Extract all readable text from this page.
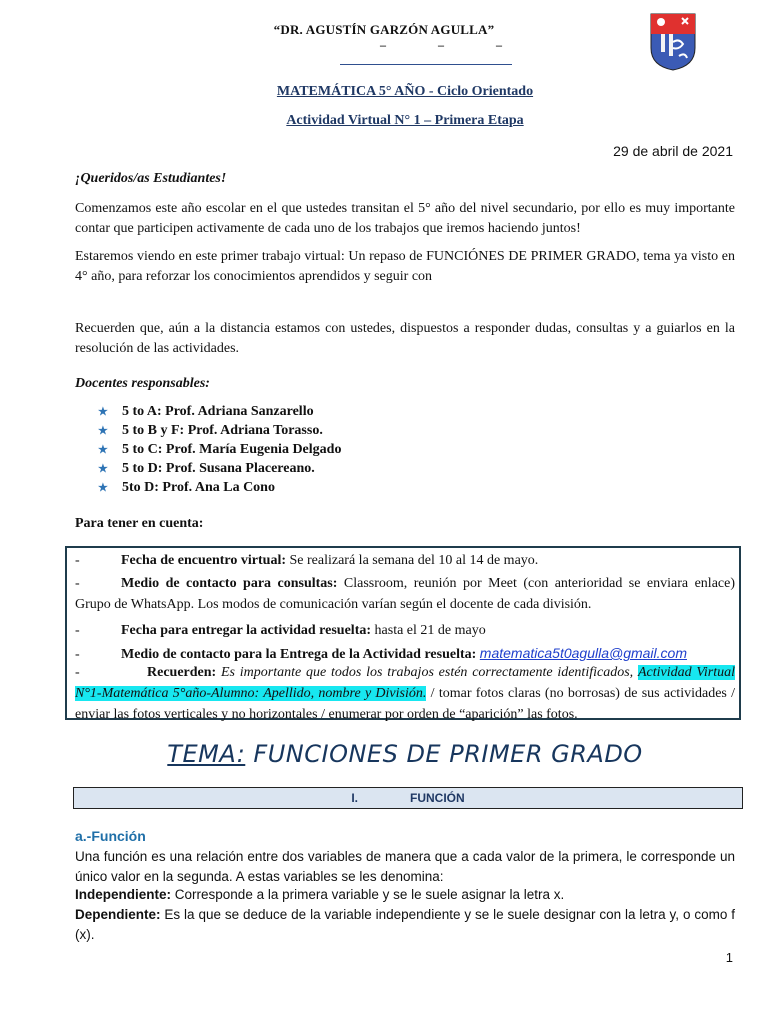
“DR. AGUSTÍN GARZÓN AGULLA”
–	–	–
MATEMÁTICA 5° AÑO - Ciclo Orientado
Actividad Virtual N° 1 – Primera Etapa
29 de abril de 2021
¡Queridos/as Estudiantes!
Comenzamos este año escolar en el que ustedes transitan el 5° año del nivel secundario, por ello es muy importante contar que participen activamente de cada uno de los trabajos que iremos haciendo juntos!
Estaremos viendo en este primer trabajo virtual: Un repaso de FUNCIÓNES DE PRIMER GRADO, tema ya visto en 4° año, para reforzar los conocimientos aprendidos y seguir con
Recuerden que, aún a la distancia estamos con ustedes, dispuestos a responder dudas, consultas y a guiarlos en la resolución de las actividades.
Docentes responsables:
★ 5 to A: Prof. Adriana Sanzarello
★ 5 to B y F: Prof. Adriana Torasso.
★ 5 to C: Prof. María Eugenia Delgado
★ 5 to D: Prof. Susana Placereano.
★ 5to D: Prof. Ana La Cono
Para tener en cuenta:
-	Fecha de encuentro virtual: Se realizará la semana del 10 al 14 de mayo.
-	Medio de contacto para consultas: Classroom, reunión por Meet (con anterioridad se enviara enlace) Grupo de WhatsApp. Los modos de comunicación varían según el docente de cada división.
-	Fecha para entregar la actividad resuelta: hasta el 21 de mayo
-	Medio de contacto para la Entrega de la Actividad resuelta: matematica5t0agulla@gmail.com
-	Recuerden: Es importante que todos los trabajos estén correctamente identificados, Actividad Virtual N°1-Matemática 5°año-Alumno: Apellido, nombre y División. / tomar fotos claras (no borrosas) de sus actividades / enviar las fotos verticales y no horizontales / enumerar por orden de “aparición” las fotos.
TEMA: FUNCIONES DE PRIMER GRADO
I.	FUNCIÓN
a.-Función
Una función es una relación entre dos variables de manera que a cada valor de la primera, le corresponde un único valor en la segunda. A estas variables se les denomina:
Independiente: Corresponde a la primera variable y se le suele asignar la letra x.
Dependiente: Es la que se deduce de la variable independiente y se le suele designar con la letra y, o como f (x).
1
